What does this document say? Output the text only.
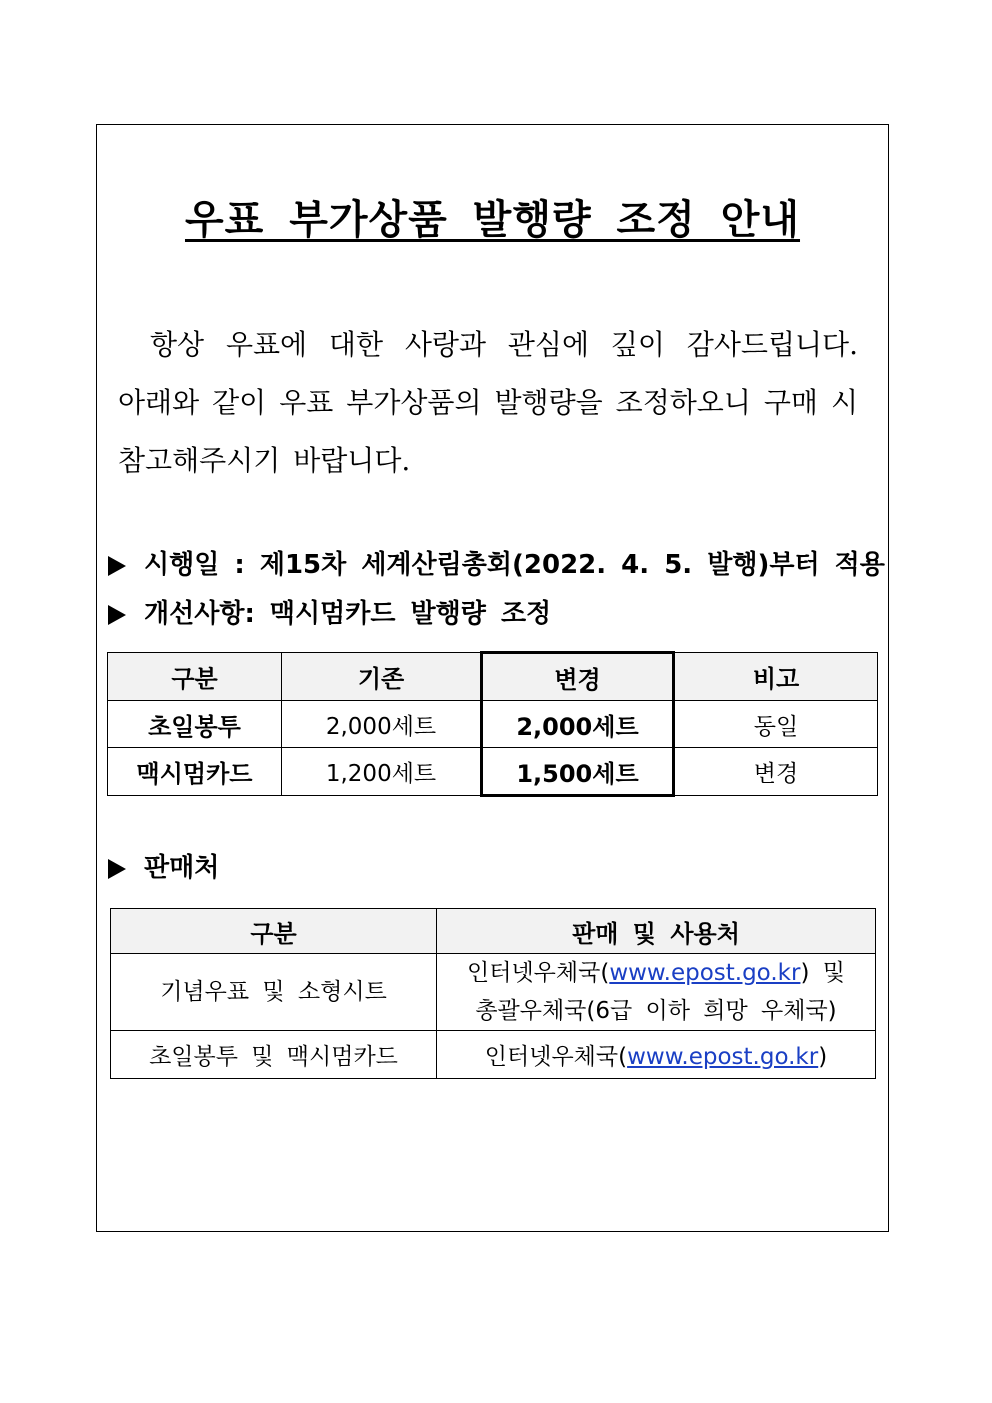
우표 부가상품 발행량 조정 안내

항상 우표에 대한 사랑과 관심에 깊이 감사드립니다.

아래와 같이 우표 부가상품의 발행량을 조정하오니 구매 시

참고해주시기 바랍니다.

시행일 : 제15차 세계산림총회(2022. 4. 5. 발행)부터 적용
개선사항: 맥시멈카드 발행량 조정
구분	기존	변경	비고
초일봉투	2,000세트	2,000세트	동일
맥시멈카드	1,200세트	1,500세트	변경
판매처
구분	판매 및 사용처
기념우표 및 소형시트	인터넷우체국(www.epost.go.kr) 및
총괄우체국(6급 이하 희망 우체국)
초일봉투 및 맥시멈카드	인터넷우체국(www.epost.go.kr)
